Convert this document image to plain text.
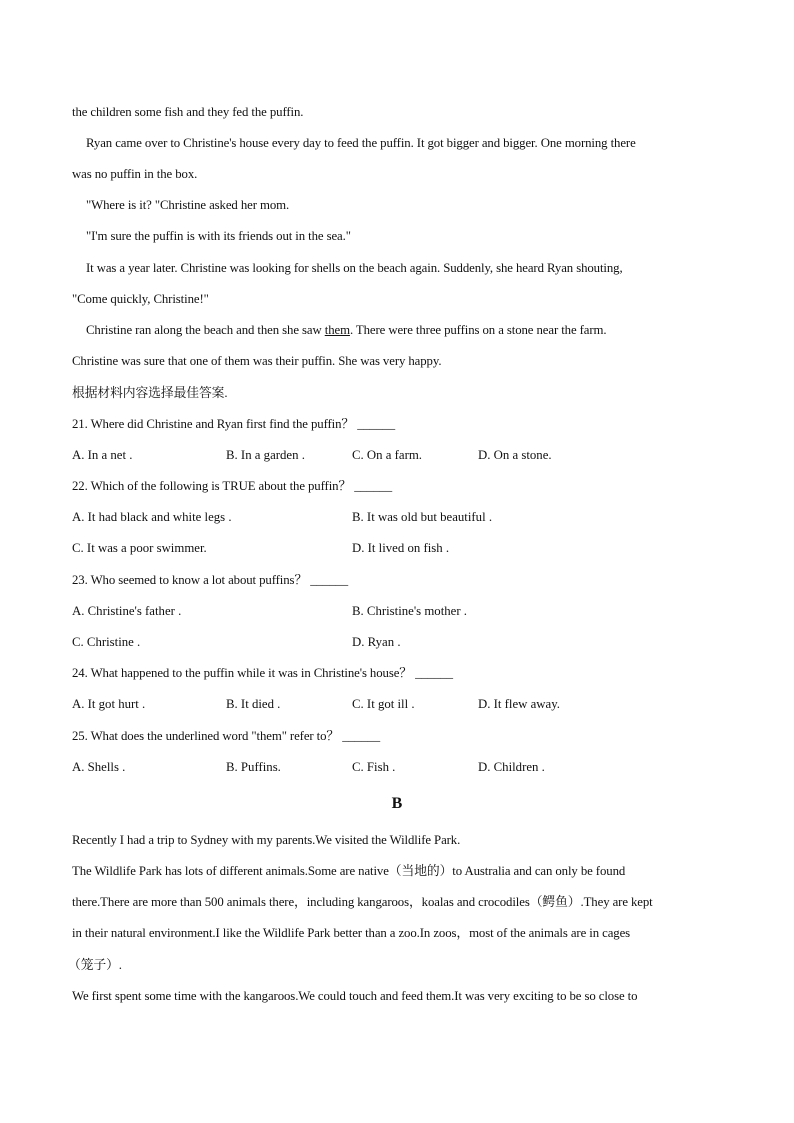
the children some fish and they fed the puffin.
Ryan came over to Christine's house every day to feed the puffin. It got bigger and bigger. One morning there
was no puffin in the box.
"Where is it? "Christine asked her mom.
"I'm sure the puffin is with its friends out in the sea."
It was a year later. Christine was looking for shells on the beach again. Suddenly, she heard Ryan shouting,
"Come quickly, Christine!"
Christine ran along the beach and then she saw them. There were three puffins on a stone near the farm.
Christine was sure that one of them was their puffin. She was very happy.
根据材料内容选择最佳答案.
21. Where did Christine and Ryan first find the puffin？ ______
A. In a net .	B. In a garden .	C. On a farm.	D. On a stone.
22. Which of the following is TRUE about the puffin？ ______
A. It had black and white legs .	B. It was old but beautiful .
C. It was a poor swimmer.	D. It lived on fish .
23. Who seemed to know a lot about puffins？ ______
A. Christine's father .	B. Christine's mother .
C. Christine .	D. Ryan .
24. What happened to the puffin while it was in Christine's house？ ______
A. It got hurt .	B. It died .	C. It got ill .	D. It flew away.
25. What does the underlined word "them" refer to？ ______
A. Shells .	B. Puffins.	C. Fish .	D. Children .
B
Recently I had a trip to Sydney with my parents.We visited the Wildlife Park.
The Wildlife Park has lots of different animals.Some are native（当地的）to Australia and can only be found
there.There are more than 500 animals there，including kangaroos，koalas and crocodiles（鳄鱼）.They are kept
in their natural environment.I like the Wildlife Park better than a zoo.In zoos，most of the animals are in cages
（笼子）.
We first spent some time with the kangaroos.We could touch and feed them.It was very exciting to be so close to
